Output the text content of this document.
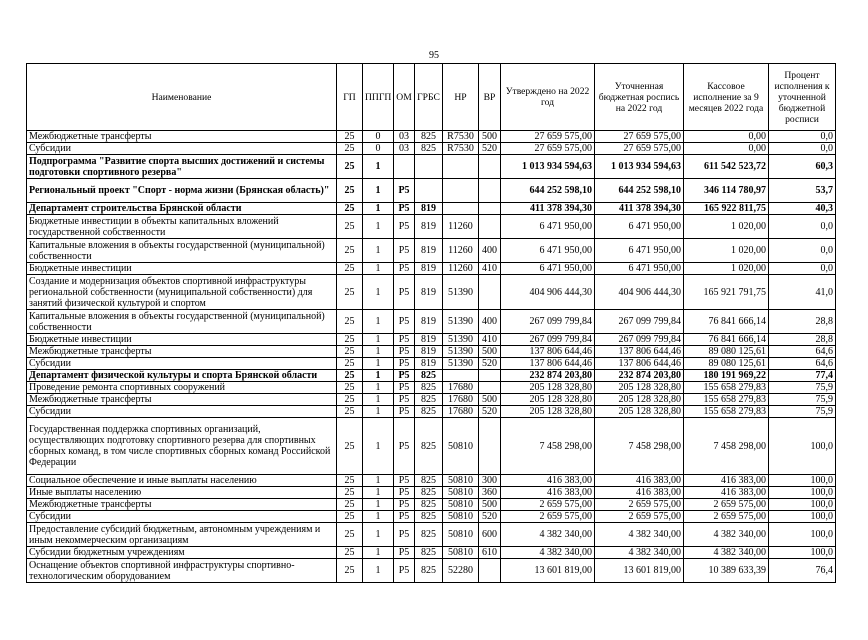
95
Наименование	ГП	ППГП	ОМ	ГРБС	НР	ВР	Утверждено на 2022 год	Уточненная бюджетная роспись на 2022 год	Кассовое исполнение за 9 месяцев 2022 года	Процент исполнения к уточненной бюджетной росписи
Межбюджетные трансферты	25	0	03	825	R7530	500	27 659 575,00	27 659 575,00	0,00	0,0
Субсидии	25	0	03	825	R7530	520	27 659 575,00	27 659 575,00	0,00	0,0
Подпрограмма "Развитие спорта высших достижений и системы подготовки спортивного резерва"	25	1					1 013 934 594,63	1 013 934 594,63	611 542 523,72	60,3
Региональный проект "Спорт - норма жизни (Брянская область)"	25	1	P5				644 252 598,10	644 252 598,10	346 114 780,97	53,7
Департамент строительства Брянской области	25	1	P5	819			411 378 394,30	411 378 394,30	165 922 811,75	40,3
Бюджетные инвестиции в объекты капитальных вложений государственной собственности	25	1	P5	819	11260		6 471 950,00	6 471 950,00	1 020,00	0,0
Капитальные вложения в объекты государственной (муниципальной) собственности	25	1	P5	819	11260	400	6 471 950,00	6 471 950,00	1 020,00	0,0
Бюджетные инвестиции	25	1	P5	819	11260	410	6 471 950,00	6 471 950,00	1 020,00	0,0
Создание и модернизация объектов спортивной инфраструктуры региональной собственности (муниципальной собственности) для занятий физической культурой и спортом	25	1	P5	819	51390		404 906 444,30	404 906 444,30	165 921 791,75	41,0
Капитальные вложения в объекты государственной (муниципальной) собственности	25	1	P5	819	51390	400	267 099 799,84	267 099 799,84	76 841 666,14	28,8
Бюджетные инвестиции	25	1	P5	819	51390	410	267 099 799,84	267 099 799,84	76 841 666,14	28,8
Межбюджетные трансферты	25	1	P5	819	51390	500	137 806 644,46	137 806 644,46	89 080 125,61	64,6
Субсидии	25	1	P5	819	51390	520	137 806 644,46	137 806 644,46	89 080 125,61	64,6
Департамент физической культуры и спорта Брянской области	25	1	P5	825			232 874 203,80	232 874 203,80	180 191 969,22	77,4
Проведение ремонта спортивных сооружений	25	1	P5	825	17680		205 128 328,80	205 128 328,80	155 658 279,83	75,9
Межбюджетные трансферты	25	1	P5	825	17680	500	205 128 328,80	205 128 328,80	155 658 279,83	75,9
Субсидии	25	1	P5	825	17680	520	205 128 328,80	205 128 328,80	155 658 279,83	75,9
Государственная поддержка спортивных организаций, осуществляющих подготовку спортивного резерва для спортивных сборных команд, в том числе спортивных сборных команд Российской Федерации	25	1	P5	825	50810		7 458 298,00	7 458 298,00	7 458 298,00	100,0
Социальное обеспечение и иные выплаты населению	25	1	P5	825	50810	300	416 383,00	416 383,00	416 383,00	100,0
Иные выплаты населению	25	1	P5	825	50810	360	416 383,00	416 383,00	416 383,00	100,0
Межбюджетные трансферты	25	1	P5	825	50810	500	2 659 575,00	2 659 575,00	2 659 575,00	100,0
Субсидии	25	1	P5	825	50810	520	2 659 575,00	2 659 575,00	2 659 575,00	100,0
Предоставление субсидий бюджетным, автономным учреждениям и иным некоммерческим организациям	25	1	P5	825	50810	600	4 382 340,00	4 382 340,00	4 382 340,00	100,0
Субсидии бюджетным учреждениям	25	1	P5	825	50810	610	4 382 340,00	4 382 340,00	4 382 340,00	100,0
Оснащение объектов спортивной инфраструктуры спортивно-технологическим оборудованием	25	1	P5	825	52280		13 601 819,00	13 601 819,00	10 389 633,39	76,4
